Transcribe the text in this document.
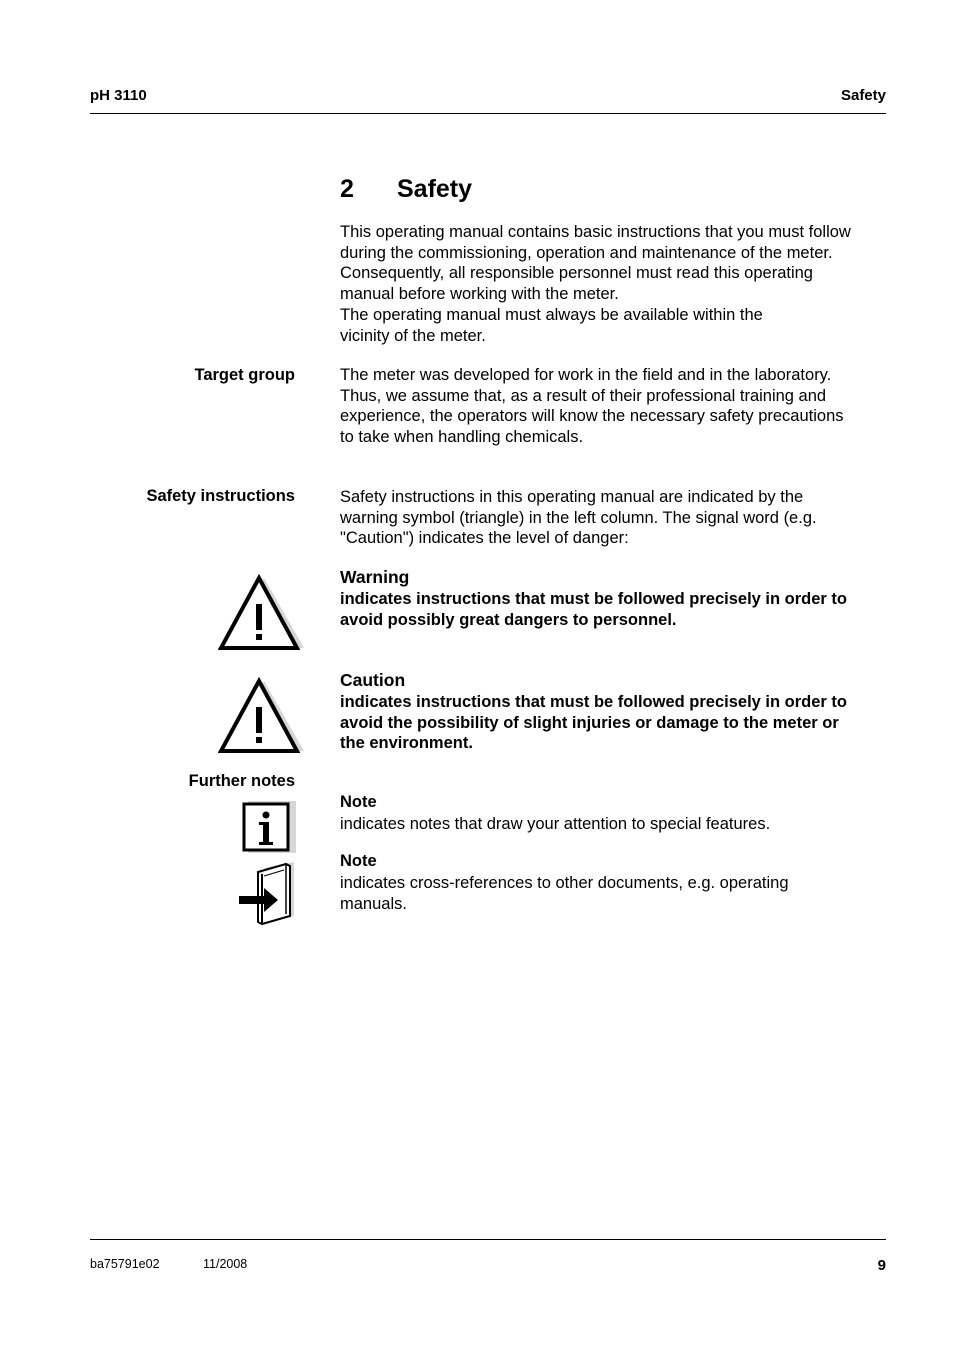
pH 3110	Safety
2 Safety

This operating manual contains basic instructions that you must follow

during the commissioning, operation and maintenance of the meter.

Consequently, all responsible personnel must read this operating

manual before working with the meter.

The operating manual must always be available within the

vicinity of the meter.

Target group	The meter was developed for work in the field and in the laboratory.

Thus, we assume that, as a result of their professional training and

experience, the operators will know the necessary safety precautions

to take when handling chemicals.

Safety instructions	Safety instructions in this operating manual are indicated by the

warning symbol (triangle) in the left column. The signal word (e.g.

"Caution") indicates the level of danger:

Warning

indicates instructions that must be followed precisely in order to

avoid possibly great dangers to personnel.

Caution

indicates instructions that must be followed precisely in order to

avoid the possibility of slight injuries or damage to the meter or

the environment.

Further notes
Note

indicates notes that draw your attention to special features.

Note

indicates cross-references to other documents, e.g. operating

manuals.

ba75791e02	11/2008	9
